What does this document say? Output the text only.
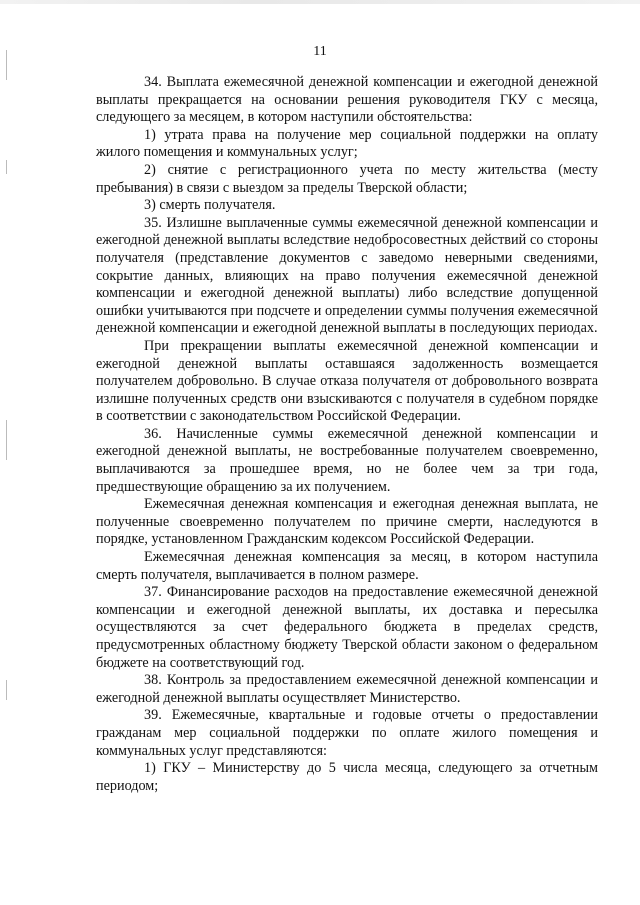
11

34. Выплата ежемесячной денежной компенсации и ежегодной денежной выплаты прекращается на основании решения руководителя ГКУ с месяца, следующего за месяцем, в котором наступили обстоятельства:

1) утрата права на получение мер социальной поддержки на оплату жилого помещения и коммунальных услуг;

2) снятие с регистрационного учета по месту жительства (месту пребывания) в связи с выездом за пределы Тверской области;

3) смерть получателя.

35. Излишне выплаченные суммы ежемесячной денежной компенсации и ежегодной денежной выплаты вследствие недобросовестных действий со стороны получателя (представление документов с заведомо неверными сведениями, сокрытие данных, влияющих на право получения ежемесячной денежной компенсации и ежегодной денежной выплаты) либо вследствие допущенной ошибки учитываются при подсчете и определении суммы получения ежемесячной денежной компенсации и ежегодной денежной выплаты в последующих периодах.

При прекращении выплаты ежемесячной денежной компенсации и ежегодной денежной выплаты оставшаяся задолженность возмещается получателем добровольно. В случае отказа получателя от добровольного возврата излишне полученных средств они взыскиваются с получателя в судебном порядке в соответствии с законодательством Российской Федерации.

36. Начисленные суммы ежемесячной денежной компенсации и ежегодной денежной выплаты, не востребованные получателем своевременно, выплачиваются за прошедшее время, но не более чем за три года, предшествующие обращению за их получением.

Ежемесячная денежная компенсация и ежегодная денежная выплата, не полученные своевременно получателем по причине смерти, наследуются в порядке, установленном Гражданским кодексом Российской Федерации.

Ежемесячная денежная компенсация за месяц, в котором наступила смерть получателя, выплачивается в полном размере.

37. Финансирование расходов на предоставление ежемесячной денежной компенсации и ежегодной денежной выплаты, их доставка и пересылка осуществляются за счет федерального бюджета в пределах средств, предусмотренных областному бюджету Тверской области законом о федеральном бюджете на соответствующий год.

38. Контроль за предоставлением ежемесячной денежной компенсации и ежегодной денежной выплаты осуществляет Министерство.

39. Ежемесячные, квартальные и годовые отчеты о предоставлении гражданам мер социальной поддержки по оплате жилого помещения и коммунальных услуг представляются:

1) ГКУ – Министерству до 5 числа месяца, следующего за отчетным периодом;
